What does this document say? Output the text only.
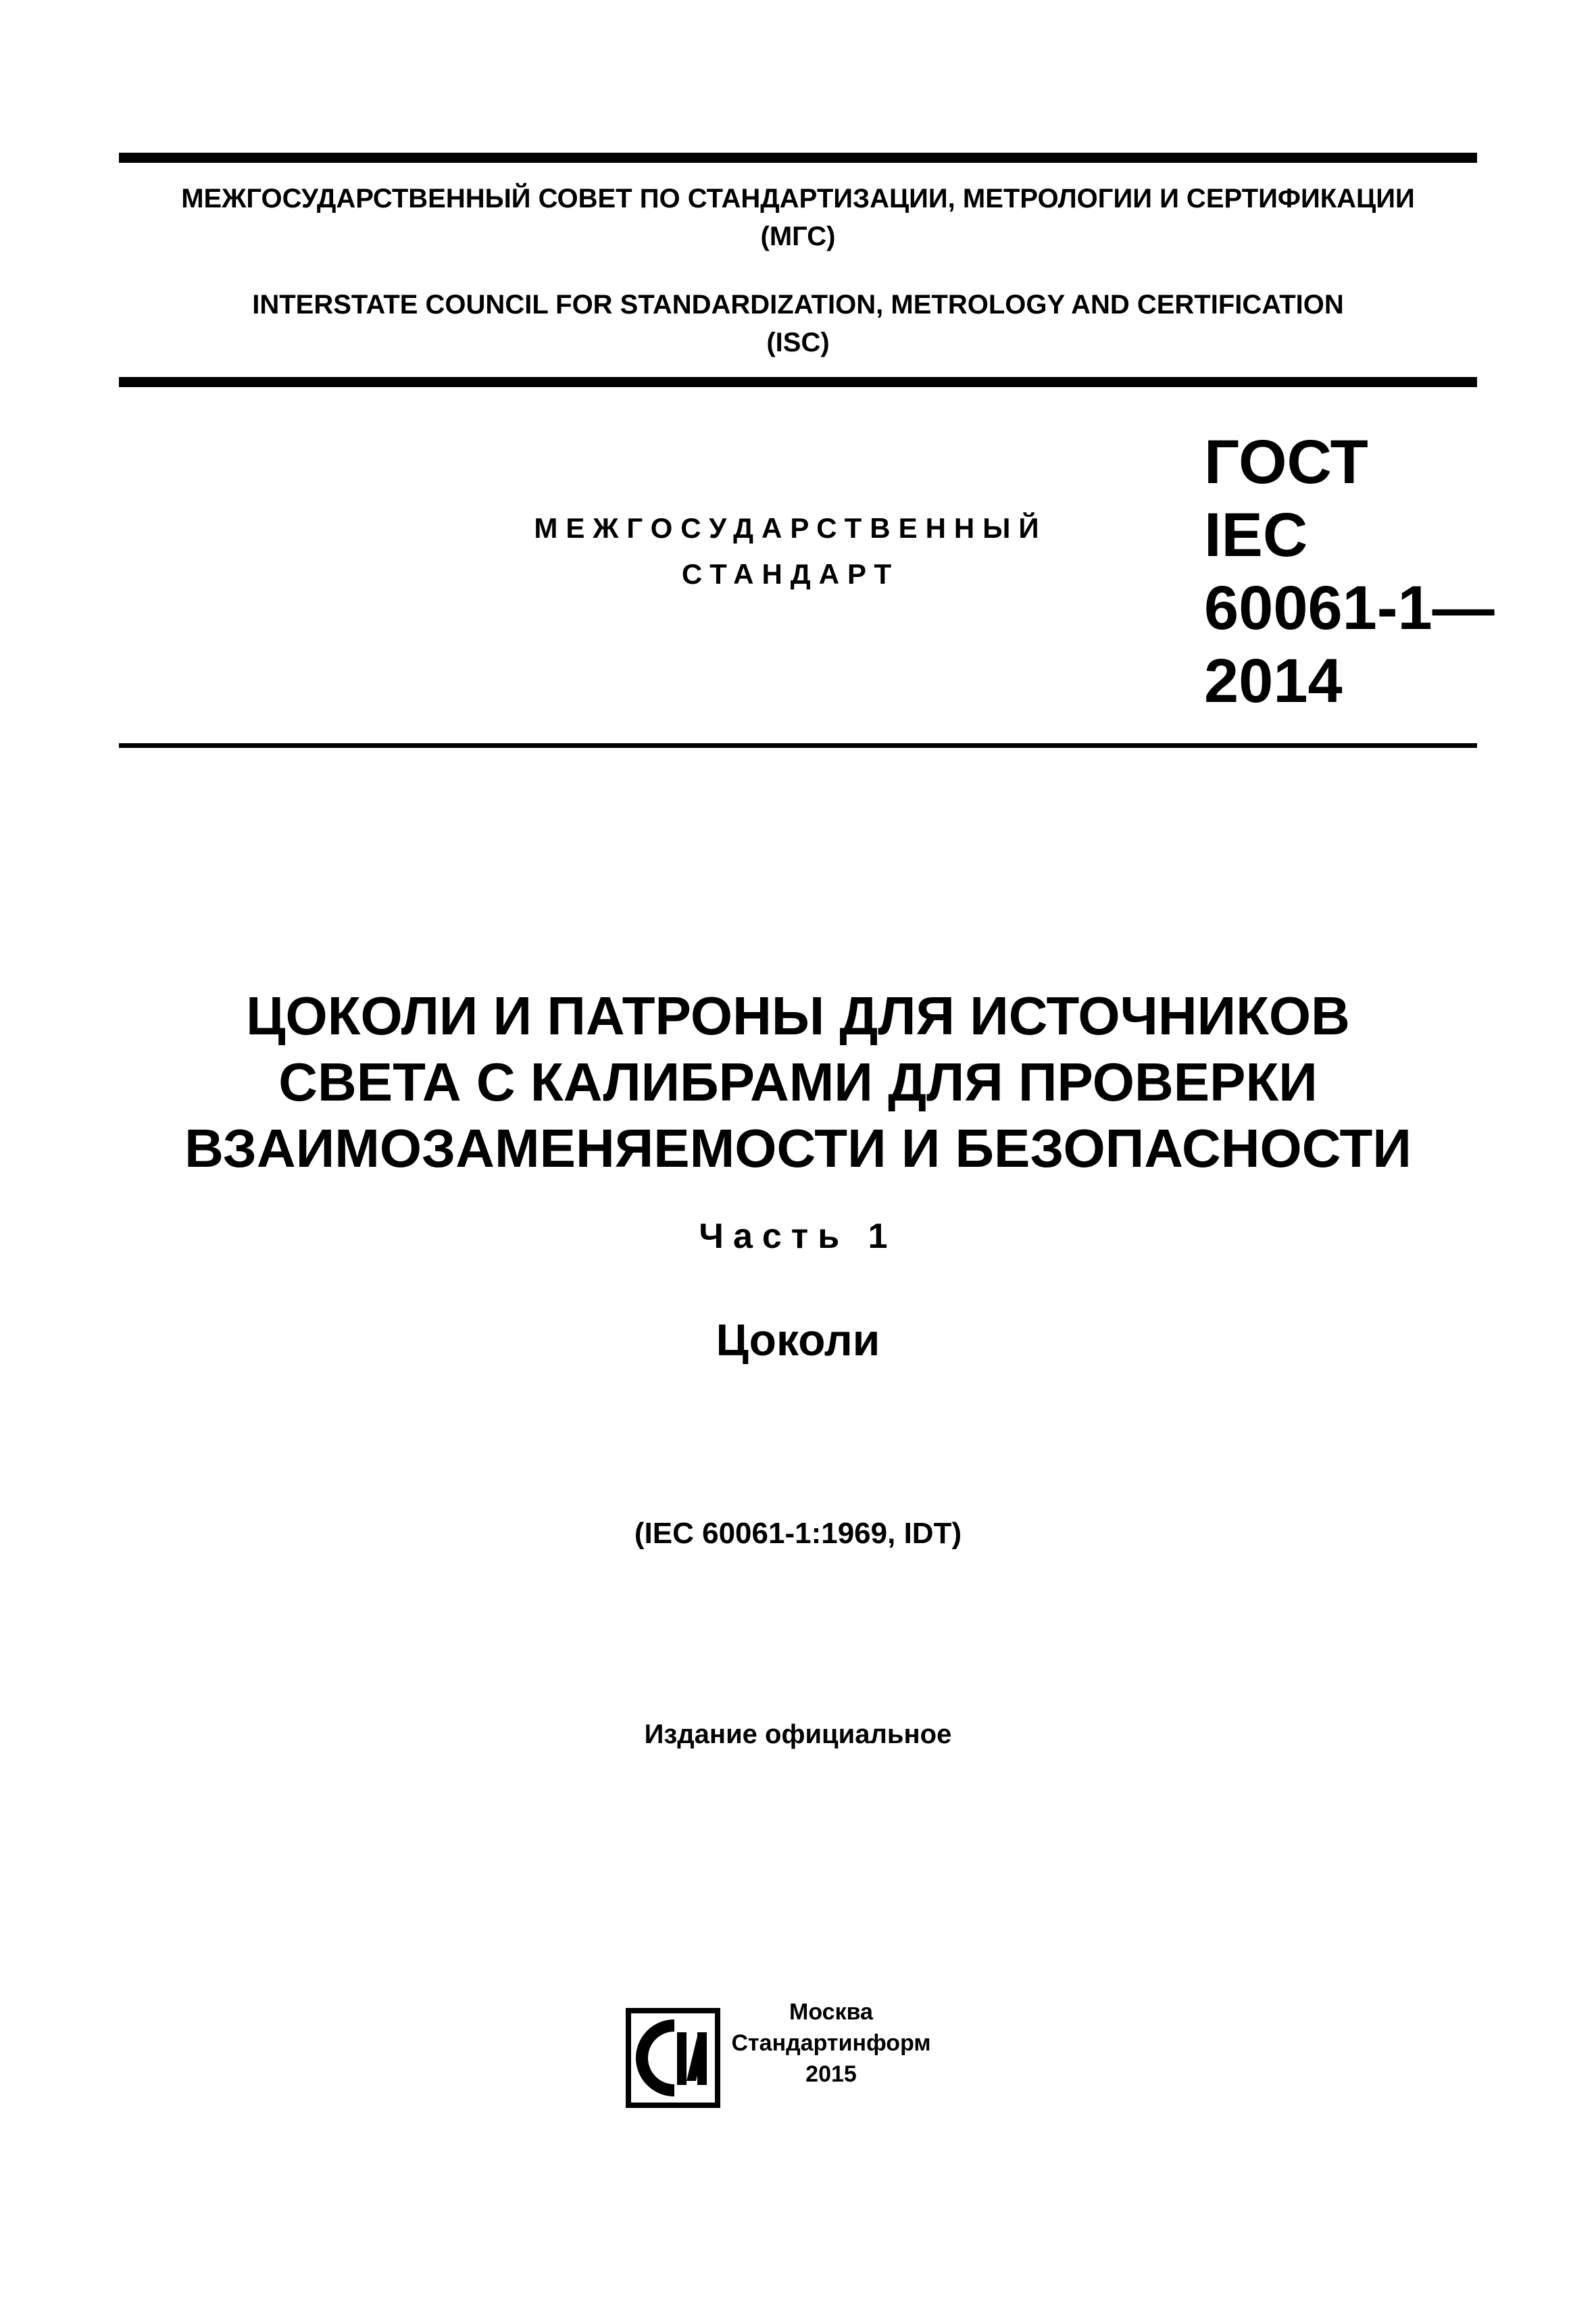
МЕЖГОСУДАРСТВЕННЫЙ СОВЕТ ПО СТАНДАРТИЗАЦИИ, МЕТРОЛОГИИ И СЕРТИФИКАЦИИ
(МГС)
INTERSTATE COUNCIL FOR STANDARDIZATION, METROLOGY AND CERTIFICATION
(ISC)
МЕЖГОСУДАРСТВЕННЫЙ
СТАНДАРТ
ГОСТ
IEC
60061-1—
2014
ЦОКОЛИ И ПАТРОНЫ ДЛЯ ИСТОЧНИКОВ
СВЕТА С КАЛИБРАМИ ДЛЯ ПРОВЕРКИ
ВЗАИМОЗАМЕНЯЕМОСТИ И БЕЗОПАСНОСТИ
Часть 1
Цоколи
(IEC 60061-1:1969, IDT)
Издание официальное
Москва
Стандартинформ
2015
